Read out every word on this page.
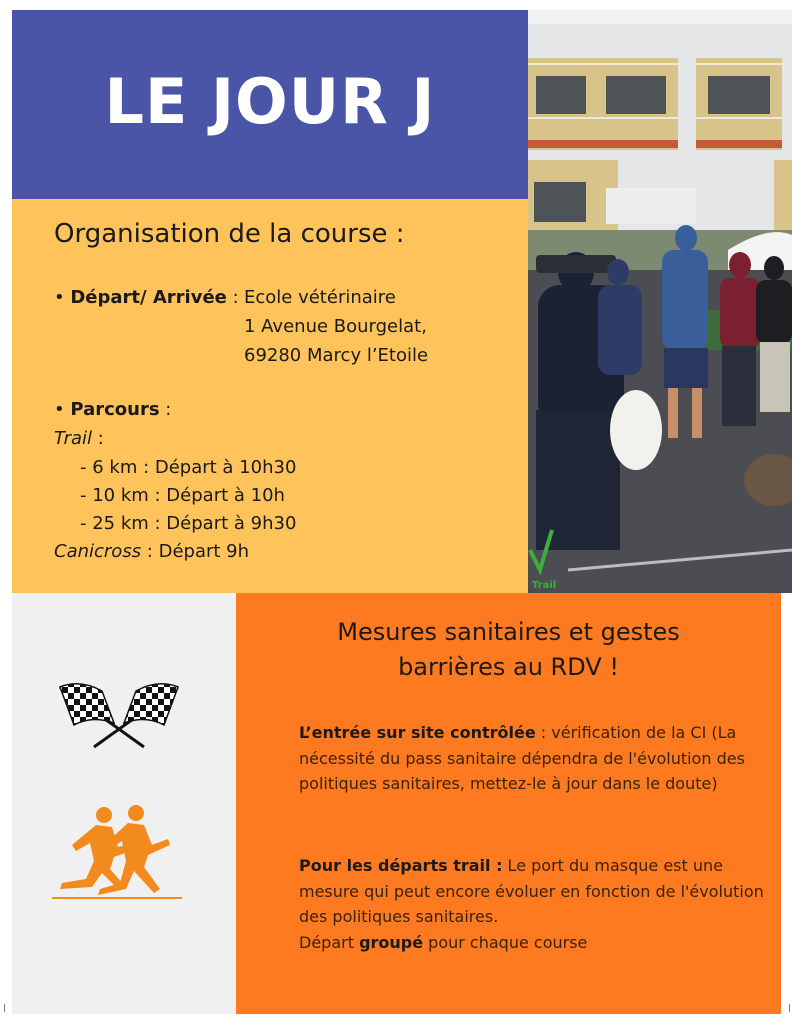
LE JOUR J
Organisation de la course :
• Départ/ Arrivée : Ecole vétérinaire
1 Avenue Bourgelat,
69280 Marcy l’Etoile
• Parcours :
Trail :
- 6 km : Départ à 10h30
- 10 km : Départ à 10h
- 25 km : Départ à 9h30
Canicross : Départ 9h
Trail
Mesures sanitaires et gestes
barrières au RDV !
L’entrée sur site contrôlée : vérification de la CI (La nécessité du pass sanitaire dépendra de l'évolution des politiques sanitaires, mettez-le à jour dans le doute)
Pour les départs trail : Le port du masque est une mesure qui peut encore évoluer en fonction de l'évolution des politiques sanitaires.
Départ groupé pour chaque course
